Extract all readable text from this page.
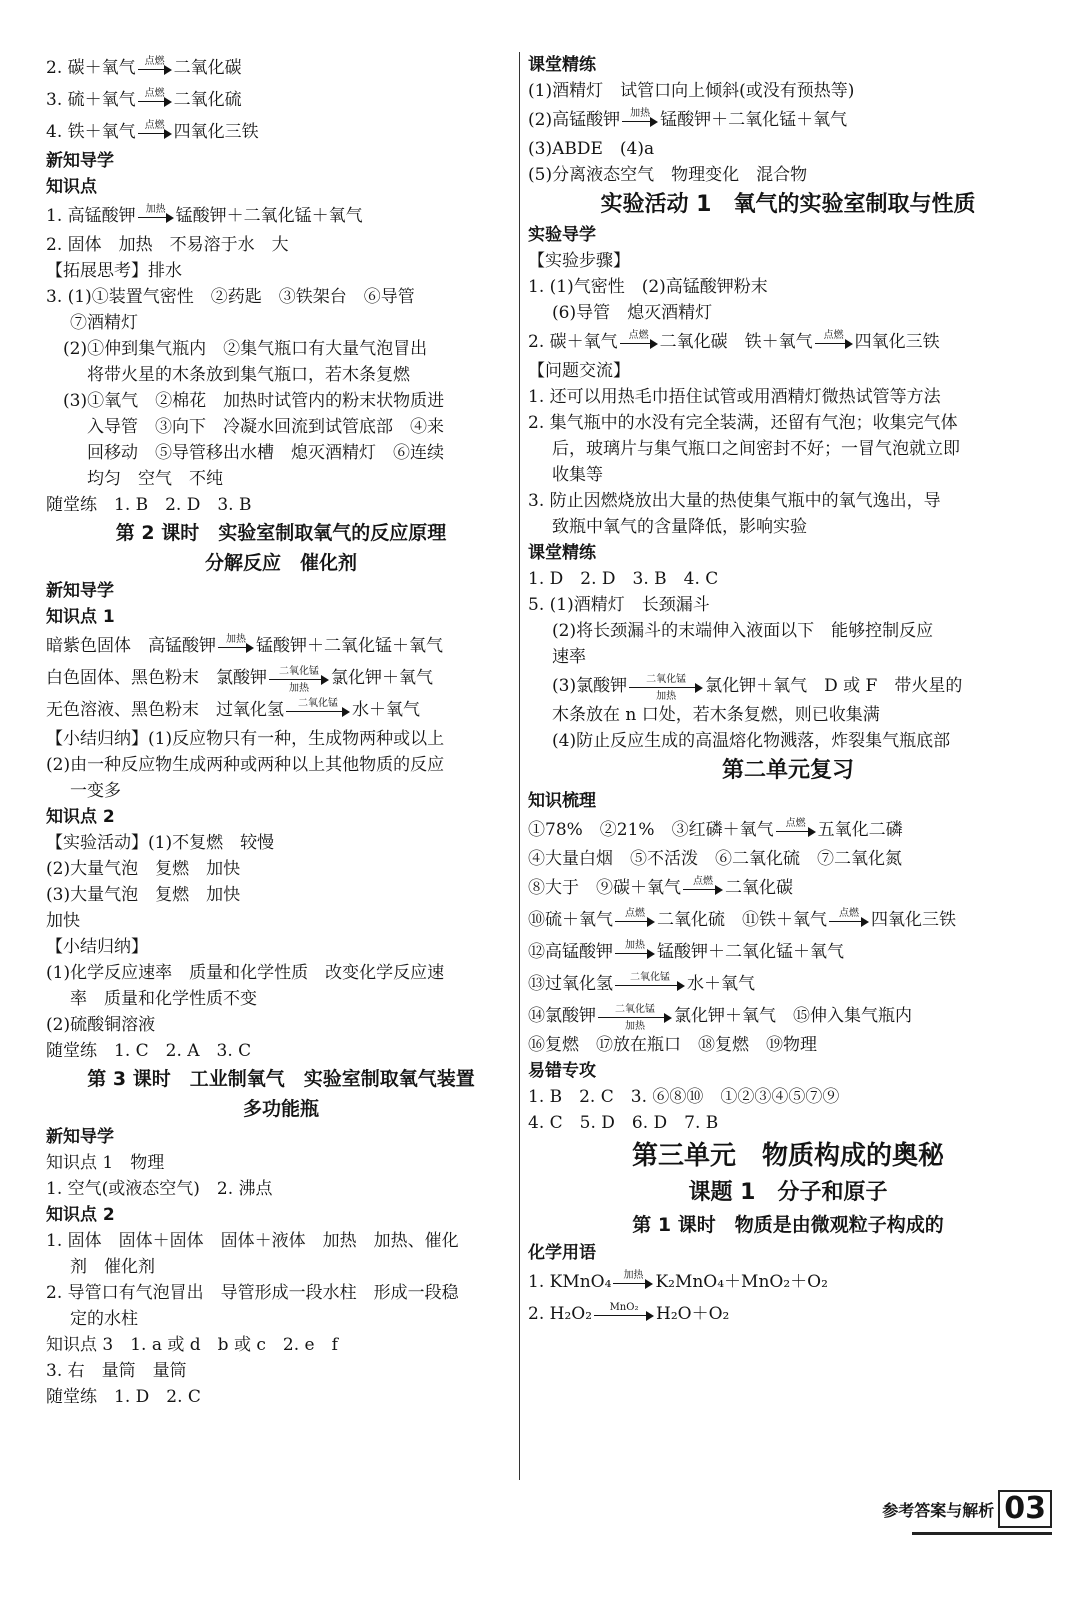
2. 碳＋氧气 点燃 二氧化碳
3. 硫＋氧气 点燃 二氧化硫
4. 铁＋氧气 点燃 四氧化三铁
新知导学
知识点
1. 高锰酸钾	加热 锰酸钾＋二氧化锰＋氧气
2. 固体　加热　不易溶于水　大
【拓展思考】排水
3. (1)①装置气密性　②药匙　③铁架台　⑥导管
⑦酒精灯
　(2)①伸到集气瓶内　②集气瓶口有大量气泡冒出
　将带火星的木条放到集气瓶口，若木条复燃
　(3)①氧气　②棉花　加热时试管内的粉末状物质进
　入导管　③向下　冷凝水回流到试管底部　④来
　回移动　⑤导管移出水槽　熄灭酒精灯　⑥连续
　均匀　空气　不纯
随堂练　1. B　2. D　3. B
第 2 课时　实验室制取氧气的反应原理
分解反应　催化剂
新知导学
知识点 1
暗紫色固体　高锰酸钾	加热 锰酸钾＋二氧化锰＋氧气
白色固体、黑色粉末　氯酸钾	二氧化锰
加热	氯化钾＋氧气
无色溶液、黑色粉末　过氧化氢	二氧化锰 水＋氧气
【小结归纳】(1)反应物只有一种，生成物两种或以上
(2)由一种反应物生成两种或两种以上其他物质的反应
一变多
知识点 2
【实验活动】(1)不复燃　较慢
(2)大量气泡　复燃　加快
(3)大量气泡　复燃　加快
加快
【小结归纳】
(1)化学反应速率　质量和化学性质　改变化学反应速
率　质量和化学性质不变
(2)硫酸铜溶液
随堂练　1. C　2. A　3. C
第 3 课时　工业制氧气　实验室制取氧气装置
多功能瓶
新知导学
知识点 1　物理
1. 空气(或液态空气)　2. 沸点
知识点 2
1. 固体　固体＋固体　固体＋液体　加热　加热、催化
剂　催化剂
2. 导管口有气泡冒出　导管形成一段水柱　形成一段稳
定的水柱
知识点 3　1. a 或 d　b 或 c　2. e　f
3. 右　量筒　量筒
随堂练　1. D　2. C
课堂精练
(1)酒精灯　试管口向上倾斜(或没有预热等)
(2)高锰酸钾	加热 锰酸钾＋二氧化锰＋氧气
(3)ABDE　(4)a
(5)分离液态空气　物理变化　混合物
实验活动 1　氧气的实验室制取与性质
实验导学
【实验步骤】
1. (1)气密性　(2)高锰酸钾粉末
(6)导管　熄灭酒精灯
2. 碳＋氧气	点燃 二氧化碳　铁＋氧气	点燃 四氧化三铁
【问题交流】
1. 还可以用热毛巾捂住试管或用酒精灯微热试管等方法
2. 集气瓶中的水没有完全装满，还留有气泡；收集完气体
后，玻璃片与集气瓶口之间密封不好；一冒气泡就立即
收集等
3. 防止因燃烧放出大量的热使集气瓶中的氧气逸出，导
致瓶中氧气的含量降低，影响实验
课堂精练
1. D　2. D　3. B　4. C
5. (1)酒精灯　长颈漏斗
(2)将长颈漏斗的末端伸入液面以下　能够控制反应
速率
(3)氯酸钾	二氧化锰
加热	氯化钾＋氧气　D 或 F　带火星的
木条放在 n 口处，若木条复燃，则已收集满
(4)防止反应生成的高温熔化物溅落，炸裂集气瓶底部
第二单元复习
知识梳理
①78%　②21%　③红磷＋氧气	点燃 五氧化二磷
④大量白烟　⑤不活泼　⑥二氧化硫　⑦二氧化氮
⑧大于　⑨碳＋氧气	点燃 二氧化碳
⑩硫＋氧气	点燃 二氧化硫　⑪铁＋氧气	点燃 四氧化三铁
⑫高锰酸钾	加热 锰酸钾＋二氧化锰＋氧气
⑬过氧化氢	二氧化锰	水＋氧气
⑭氯酸钾	二氧化锰
加热	氯化钾＋氧气　⑮伸入集气瓶内
⑯复燃　⑰放在瓶口　⑱复燃　⑲物理
易错专攻
1. B　2. C　3. ⑥⑧⑩　①②③④⑤⑦⑨
4. C　5. D　6. D　7. B
第三单元　物质构成的奥秘
课题 1　分子和原子
第 1 课时　物质是由微观粒子构成的
化学用语
1. KMnO₄	加热 K₂MnO₄＋MnO₂＋O₂
2. H₂O₂	MnO₂	H₂O＋O₂
参考答案与解析 03
